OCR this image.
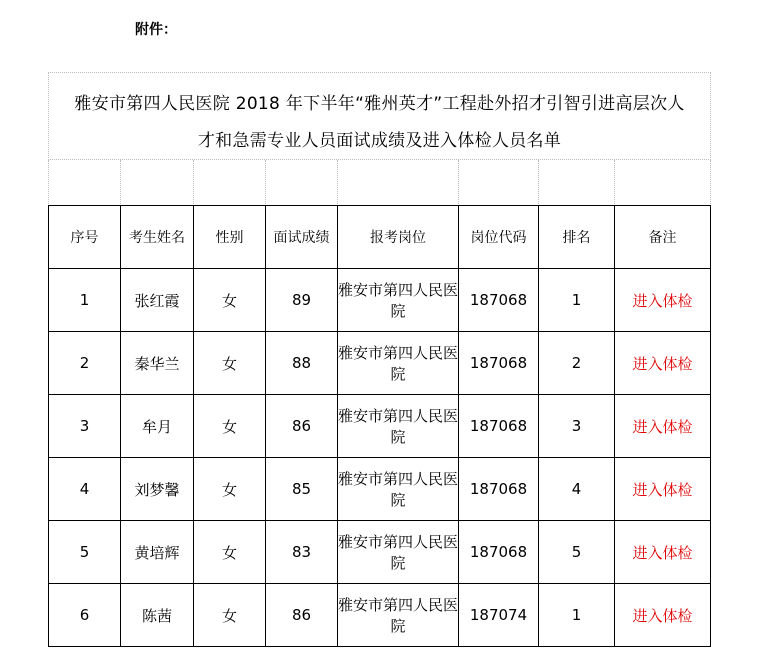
附件：
雅安市第四人民医院 2018 年下半年“雅州英才”工程赴外招才引智引进高层次人
才和急需专业人员面试成绩及进入体检人员名单
序号	考生姓名	性别	面试成绩	报考岗位	岗位代码	排名	备注
1	张红霞	女	89	雅安市第四人民医院	187068	1	进入体检
2	秦华兰	女	88	雅安市第四人民医院	187068	2	进入体检
3	牟月	女	86	雅安市第四人民医院	187068	3	进入体检
4	刘梦馨	女	85	雅安市第四人民医院	187068	4	进入体检
5	黄培辉	女	83	雅安市第四人民医院	187068	5	进入体检
6	陈茜	女	86	雅安市第四人民医院	187074	1	进入体检
